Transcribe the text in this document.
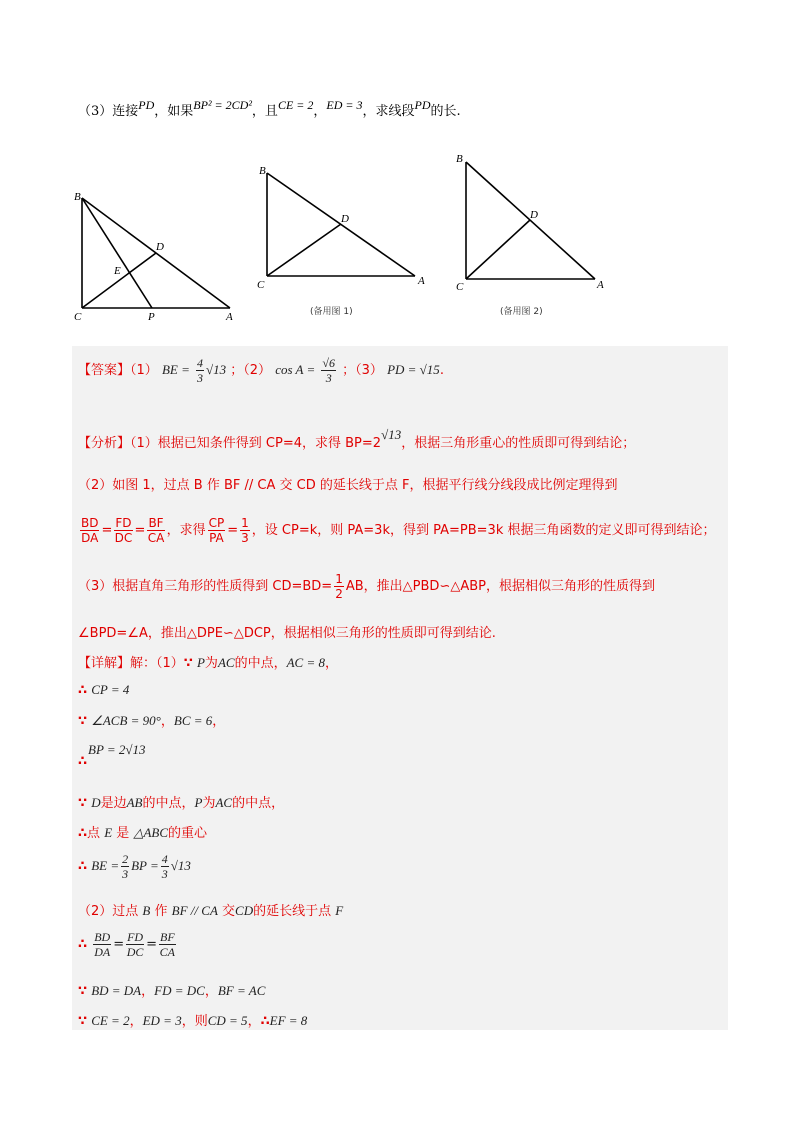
（3）连接PD，如果BP² = 2CD²，且CE = 2，ED = 3，求线段PD的长.
B
D
E
C	P	A
B
D
C	A
B
D
C	A
(备用图 1)	(备用图 2)
【答案】（1） BE = $\frac{4}{3} √13$ ；（2） $\cos A = \frac{√6}{3}$ ；（3） PD = √15.
【分析】（1）根据已知条件得到 CP=4，求得 BP=2√13，根据三角形重心的性质即可得到结论；
（2）如图 1，过点 B 作 BF // CA 交 CD 的延长线于点 F，根据平行线分线段成比例定理得到
$\frac{BD}{DA} = \frac{FD}{DC} = \frac{BF}{CA}$ ，求得 $\frac{CP}{PA} = \frac{1}{3}$ ，设 CP=k，则 PA=3k，得到 PA=PB=3k 根据三角函数的定义即可得到结论；
（3）根据直角三角形的性质得到 $CD=BD= \frac{1}{2}$ AB，推出△PBD∽△ABP，根据相似三角形的性质得到
∠BPD=∠A，推出△DPE∽△DCP，根据相似三角形的性质即可得到结论.
【详解】解：（1）∵ P为AC的中点，AC = 8，
∴ CP = 4
∵ ∠ACB = 90°，BC = 6，
BP = 2√13
∴
∵ D是边AB的中点，P为AC的中点，
∴点 E 是 △ABC的重心
∴ BE = $\frac{2}{3}$ BP = $\frac{4}{3} √13$
（2）过点 B 作 BF // CA 交CD的延长线于点 F
∴ $\frac{BD}{DA} = \frac{FD}{DC} = \frac{BF}{CA}$
∵ BD = DA，FD = DC，BF = AC
∵ CE = 2，ED = 3，则CD = 5，∴EF = 8
